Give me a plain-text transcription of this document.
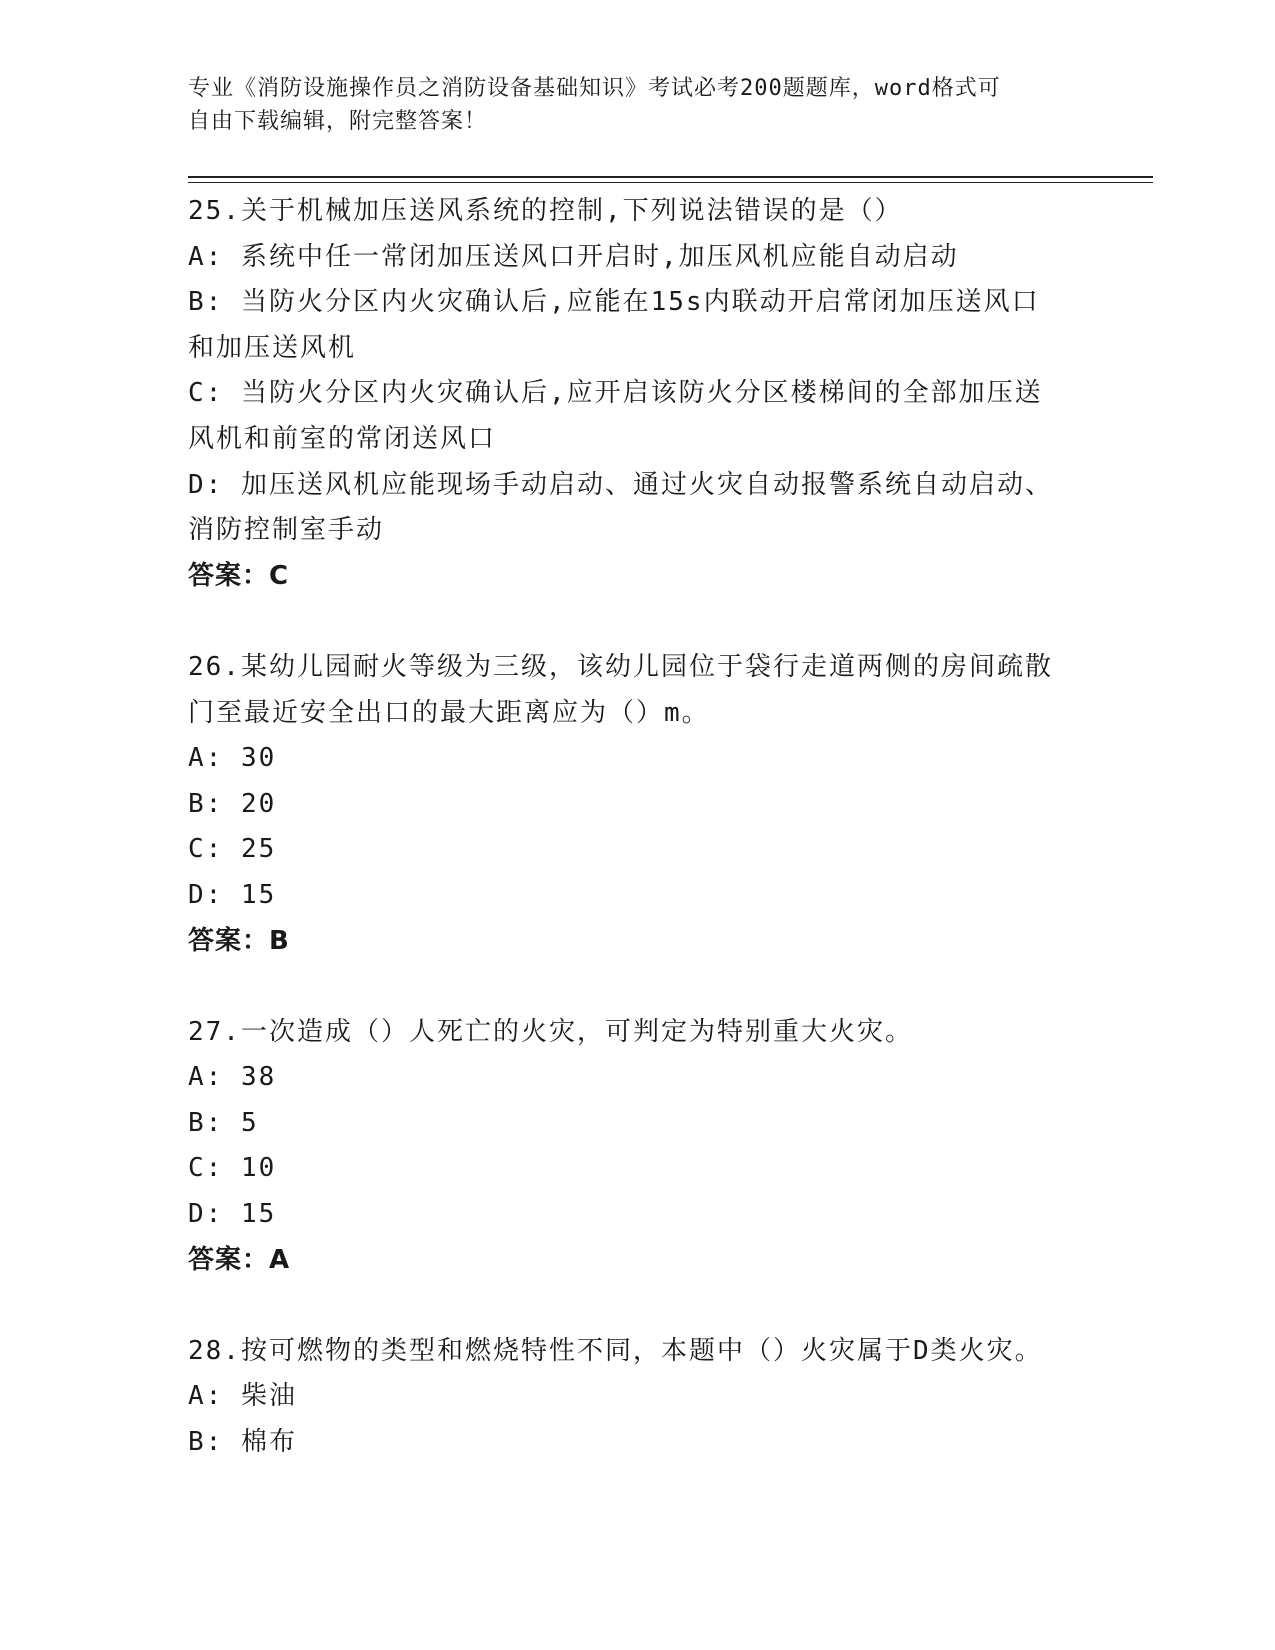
专业《消防设施操作员之消防设备基础知识》考试必考200题题库，word格式可
自由下载编辑，附完整答案！
25.关于机械加压送风系统的控制,下列说法错误的是（）
A: 系统中任一常闭加压送风口开启时,加压风机应能自动启动
B: 当防火分区内火灾确认后,应能在15s内联动开启常闭加压送风口
和加压送风机
C: 当防火分区内火灾确认后,应开启该防火分区楼梯间的全部加压送
风机和前室的常闭送风口
D: 加压送风机应能现场手动启动、通过火灾自动报警系统自动启动、
消防控制室手动
答案：C
26.某幼儿园耐火等级为三级，该幼儿园位于袋行走道两侧的房间疏散
门至最近安全出口的最大距离应为（）m。
A: 30
B: 20
C: 25
D: 15
答案：B
27.一次造成（）人死亡的火灾，可判定为特别重大火灾。
A: 38
B: 5
C: 10
D: 15
答案：A
28.按可燃物的类型和燃烧特性不同，本题中（）火灾属于D类火灾。
A: 柴油
B: 棉布
